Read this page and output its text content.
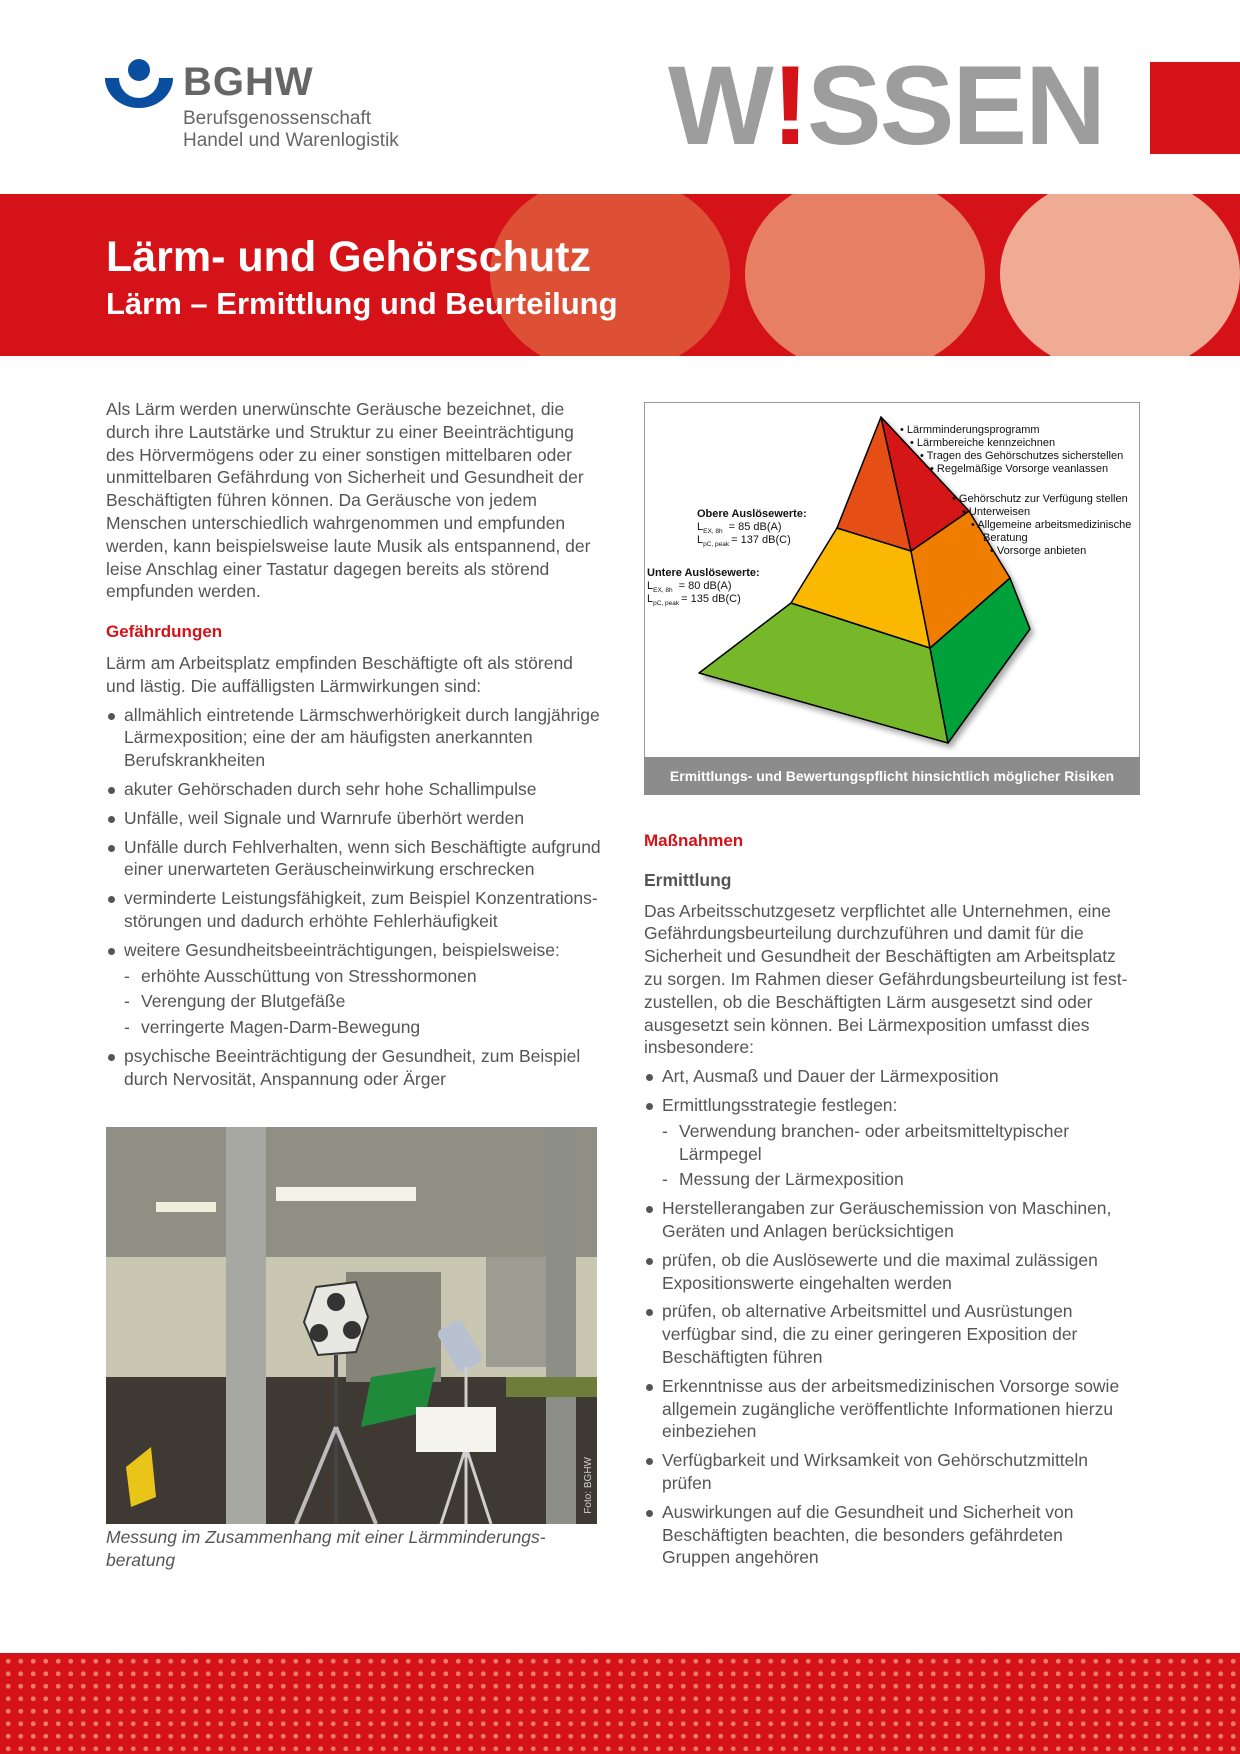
BGHW
Berufsgenossenschaft
Handel und Warenlogistik W!SSEN
Lärm- und Gehörschutz
Lärm – Ermittlung und Beurteilung

Als Lärm werden unerwünschte Geräusche bezeichnet, die durch ihre Lautstärke und Struktur zu einer Beeinträchtigung des Hörvermögens oder zu einer sonstigen mittelbaren oder unmittelbaren Gefährdung von Sicherheit und Gesundheit der Beschäftigten führen können. Da Geräusche von jedem Menschen unterschiedlich wahrgenommen und empfunden werden, kann beispielsweise laute Musik als entspannend, der leise Anschlag einer Tastatur dagegen bereits als störend empfunden werden.

Gefährdungen

Lärm am Arbeitsplatz empfinden Beschäftigte oft als störend und lästig. Die auffälligsten Lärmwirkungen sind:

allmählich eintretende Lärmschwerhörigkeit durch langjährige Lärmexposition; eine der am häufigsten anerkannten Berufskrankheiten
akuter Gehörschaden durch sehr hohe Schallimpulse
Unfälle, weil Signale und Warnrufe überhört werden
Unfälle durch Fehlverhalten, wenn sich Beschäftigte aufgrund einer unerwarteten Geräuscheinwirkung erschrecken
verminderte Leistungsfähigkeit, zum Beispiel Konzentrationsstörungen und dadurch erhöhte Fehlerhäufigkeit
weitere Gesundheitsbeeinträchtigungen, beispielsweise:
- erhöhte Ausschüttung von Stresshormonen
- Verengung der Blutgefäße
- verringerte Magen-Darm-Bewegung
psychische Beeinträchtigung der Gesundheit, zum Beispiel durch Nervosität, Anspannung oder Ärger
Foto: BGHW
Messung im Zusammenhang mit einer Lärmminderungsberatung
• Lärmminderungsprogramm
• Lärmbereiche kennzeichnen
• Tragen des Gehörschutzes sicherstellen
• Regelmäßige Vorsorge veanlassen
• Gehörschutz zur Verfügung stellen
• Unterweisen
• Allgemeine arbeitsmedizinische
Beratung
• Vorsorge anbieten
Obere Auslösewerte:
$L_{EX, 8h} = 85$ dB(A)
$L_{pC, peak} = 137$ dB(C)
Untere Auslösewerte:
$L_{EX, 8h} = 80$ dB(A)
$L_{pC, peak} = 135$ dB(C)
Ermittlungs- und Bewertungspflicht hinsichtlich möglicher Risiken
Maßnahmen
Ermittlung

Das Arbeitsschutzgesetz verpflichtet alle Unternehmen, eine Gefährdungsbeurteilung durchzuführen und damit für die Sicherheit und Gesundheit der Beschäftigten am Arbeitsplatz zu sorgen. Im Rahmen dieser Gefährdungsbeurteilung ist festzustellen, ob die Beschäftigten Lärm ausgesetzt sind oder ausgesetzt sein können. Bei Lärmexposition umfasst dies insbesondere:

Art, Ausmaß und Dauer der Lärmexposition
Ermittlungsstrategie festlegen:
- Verwendung branchen- oder arbeitsmitteltypischer Lärmpegel
- Messung der Lärmexposition
Herstellerangaben zur Geräuschemission von Maschinen, Geräten und Anlagen berücksichtigen
prüfen, ob die Auslösewerte und die maximal zulässigen Expositionswerte eingehalten werden
prüfen, ob alternative Arbeitsmittel und Ausrüstungen verfügbar sind, die zu einer geringeren Exposition der Beschäftigten führen
Erkenntnisse aus der arbeitsmedizinischen Vorsorge sowie allgemein zugängliche veröffentlichte Informationen hierzu einbeziehen
Verfügbarkeit und Wirksamkeit von Gehörschutzmitteln prüfen
Auswirkungen auf die Gesundheit und Sicherheit von Beschäftigten beachten, die besonders gefährdeten Gruppen angehören
